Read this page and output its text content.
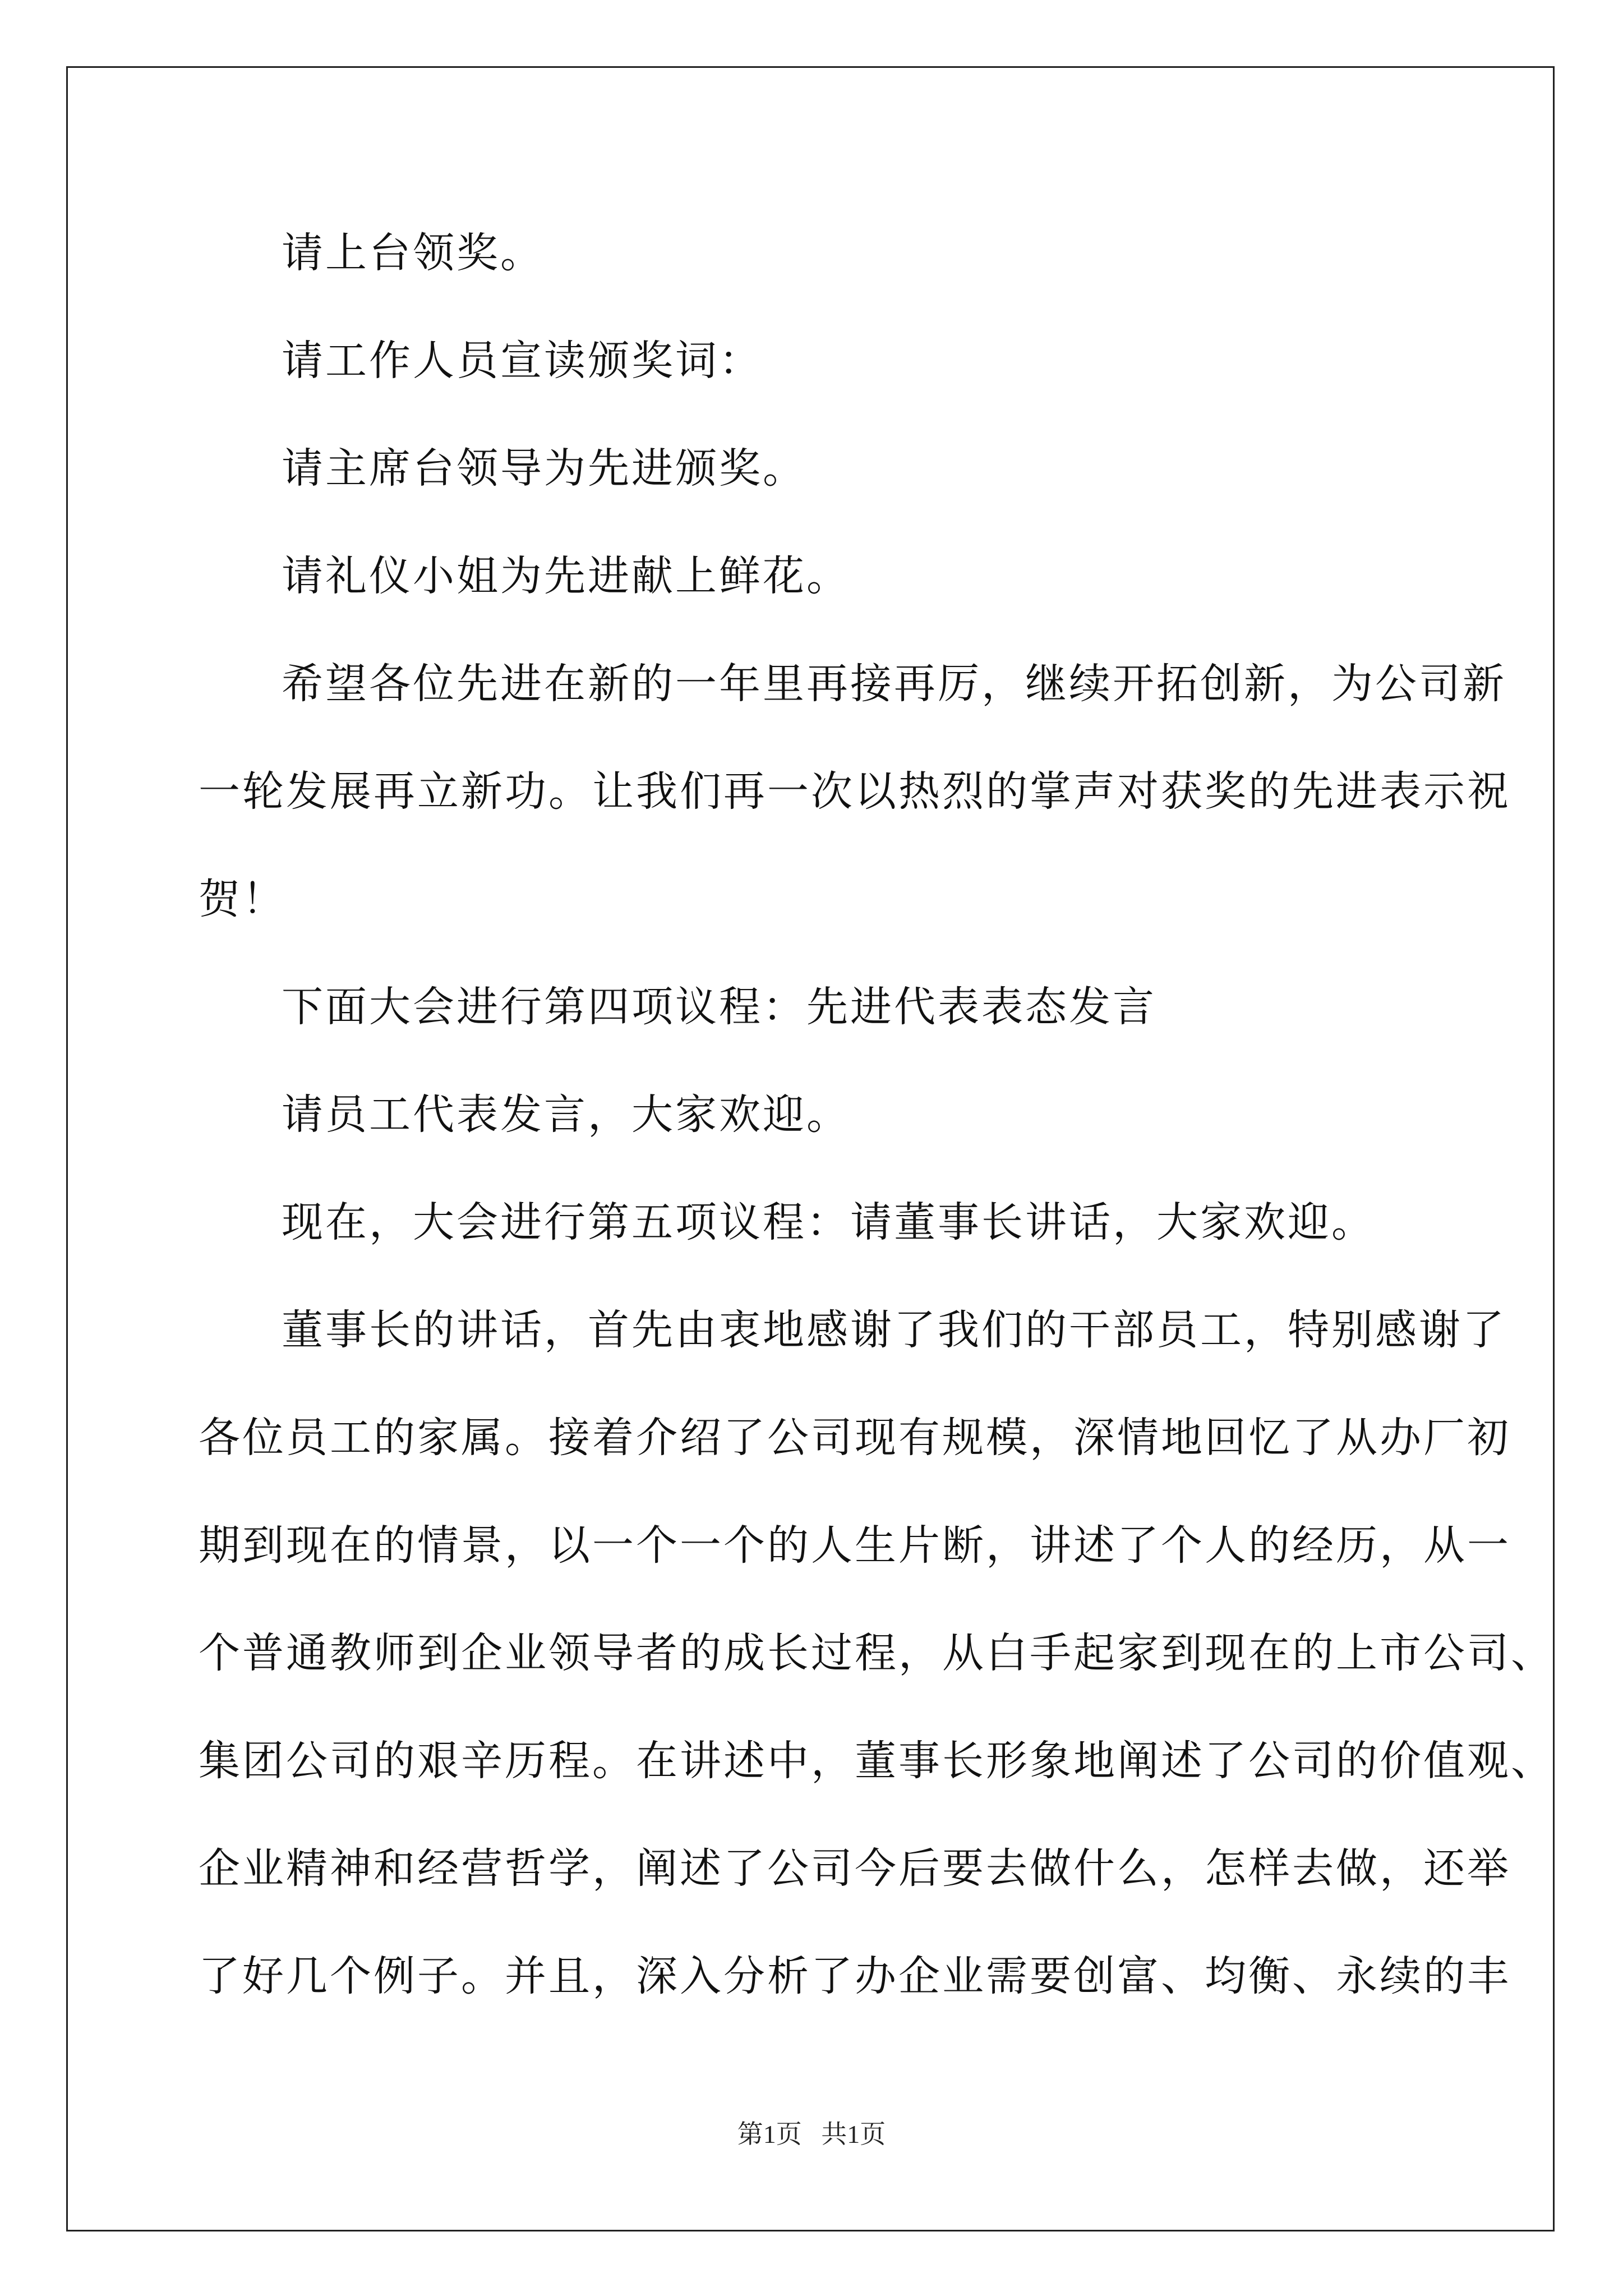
请上台领奖。

请工作人员宣读颁奖词：

请主席台领导为先进颁奖。

请礼仪小姐为先进献上鲜花。

希望各位先进在新的一年里再接再厉，继续开拓创新，为公司新

一轮发展再立新功。让我们再一次以热烈的掌声对获奖的先进表示祝

贺！

下面大会进行第四项议程：先进代表表态发言

请员工代表发言，大家欢迎。

现在，大会进行第五项议程：请董事长讲话，大家欢迎。

董事长的讲话，首先由衷地感谢了我们的干部员工，特别感谢了

各位员工的家属。接着介绍了公司现有规模，深情地回忆了从办厂初

期到现在的情景，以一个一个的人生片断，讲述了个人的经历，从一

个普通教师到企业领导者的成长过程，从白手起家到现在的上市公司、

集团公司的艰辛历程。在讲述中，董事长形象地阐述了公司的价值观、

企业精神和经营哲学，阐述了公司今后要去做什么，怎样去做，还举

了好几个例子。并且，深入分析了办企业需要创富、均衡、永续的丰

第1页   共1页
